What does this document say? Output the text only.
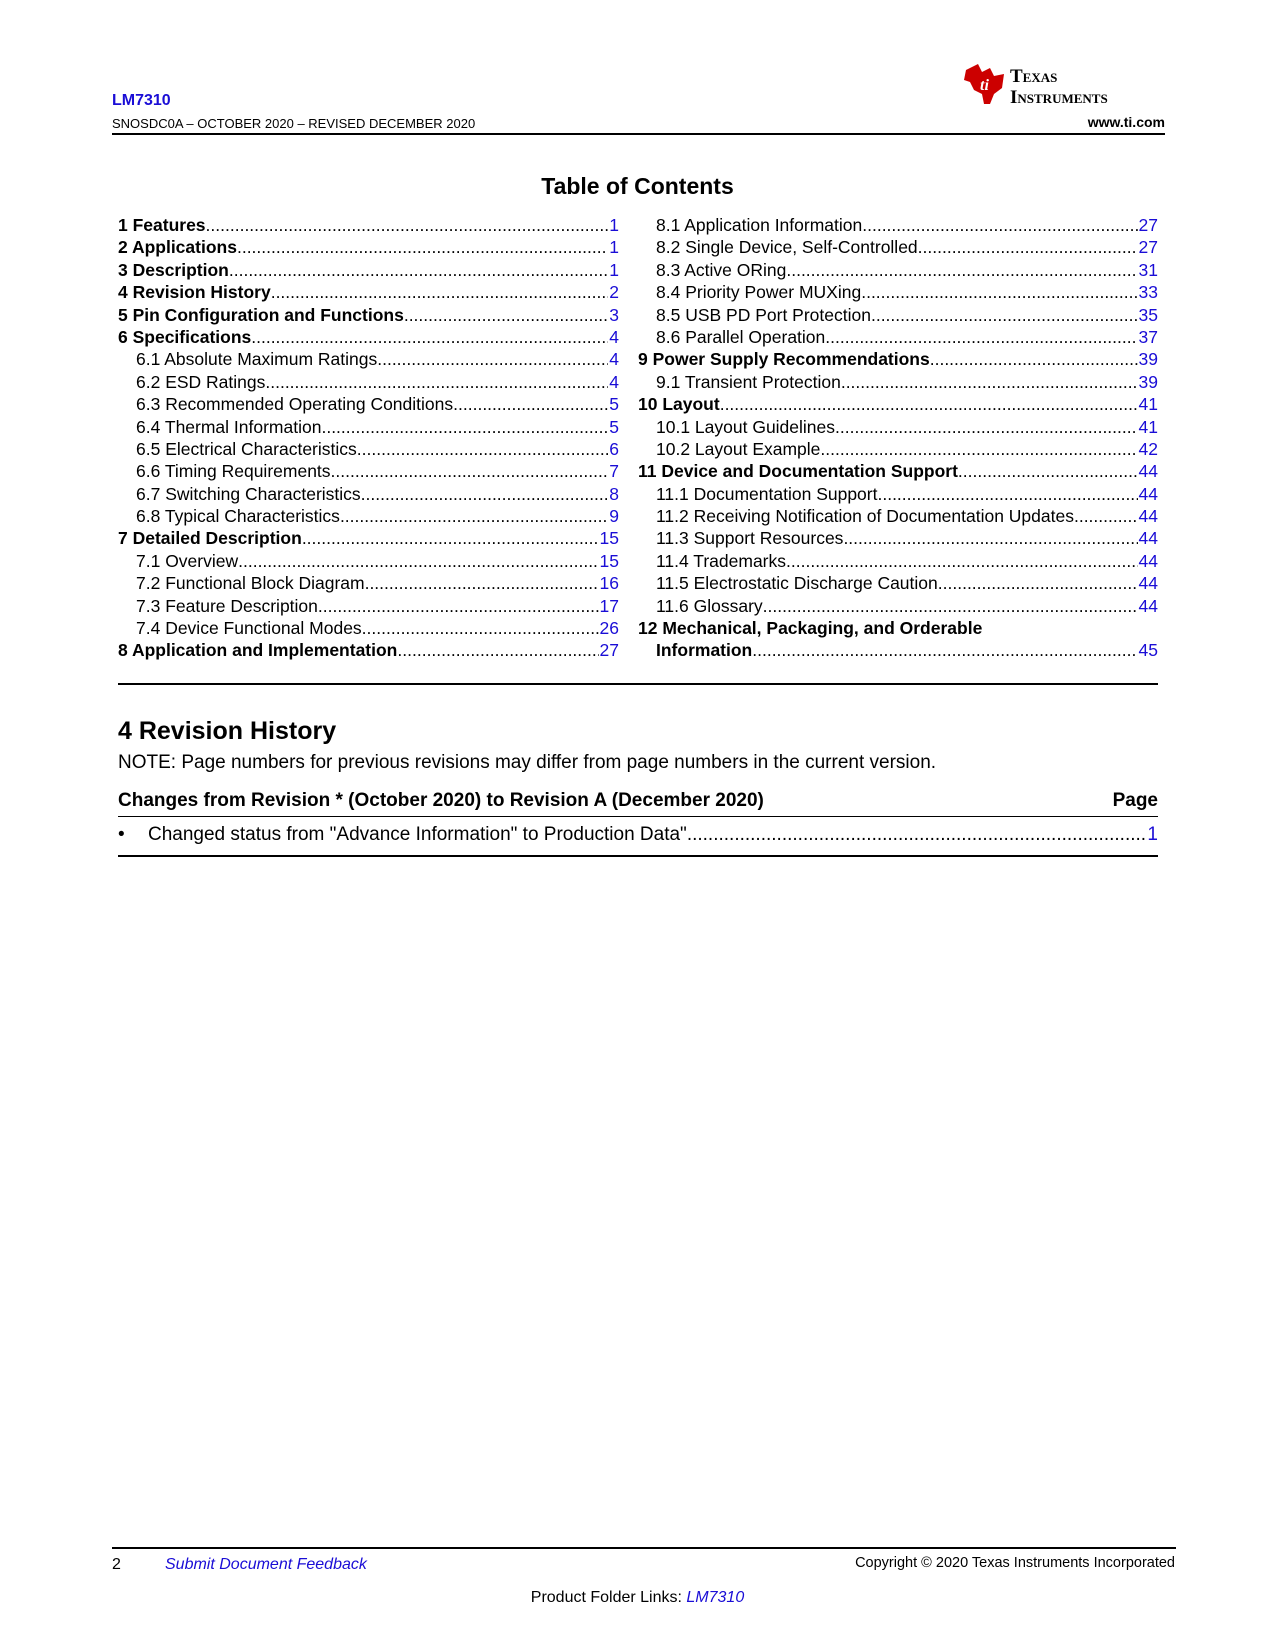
LM7310
SNOSDC0A – OCTOBER 2020 – REVISED DECEMBER 2020
ti Texas
Instruments
www.ti.com
Table of Contents
1 Features .....	1
2 Applications .....	1
3 Description .....	1
4 Revision History .....	2
5 Pin Configuration and Functions .....	3
6 Specifications .....	4
6.1 Absolute Maximum Ratings .....	4
6.2 ESD Ratings .....	4
6.3 Recommended Operating Conditions .....	5
6.4 Thermal Information .....	5
6.5 Electrical Characteristics .....	6
6.6 Timing Requirements .....	7
6.7 Switching Characteristics .....	8
6.8 Typical Characteristics .....	9
7 Detailed Description .....	15
7.1 Overview .....	15
7.2 Functional Block Diagram .....	16
7.3 Feature Description .....	17
7.4 Device Functional Modes .....	26
8 Application and Implementation .....	27
8.1 Application Information .....	27
8.2 Single Device, Self-Controlled .....	27
8.3 Active ORing .....	31
8.4 Priority Power MUXing .....	33
8.5 USB PD Port Protection .....	35
8.6 Parallel Operation .....	37
9 Power Supply Recommendations .....	39
9.1 Transient Protection .....	39
10 Layout .....	41
10.1 Layout Guidelines .....	41
10.2 Layout Example .....	42
11 Device and Documentation Support .....	44
11.1 Documentation Support .....	44
11.2 Receiving Notification of Documentation Updates .....	44
11.3 Support Resources .....	44
11.4 Trademarks .....	44
11.5 Electrostatic Discharge Caution .....	44
11.6 Glossary .....	44
12 Mechanical, Packaging, and Orderable
Information .....	45
4 Revision History
NOTE: Page numbers for previous revisions may differ from page numbers in the current version.
Changes from Revision * (October 2020) to Revision A (December 2020)	Page
•	Changed status from "Advance Information" to Production Data" .....	1
2	Submit Document Feedback	Copyright © 2020 Texas Instruments Incorporated
Product Folder Links: LM7310
